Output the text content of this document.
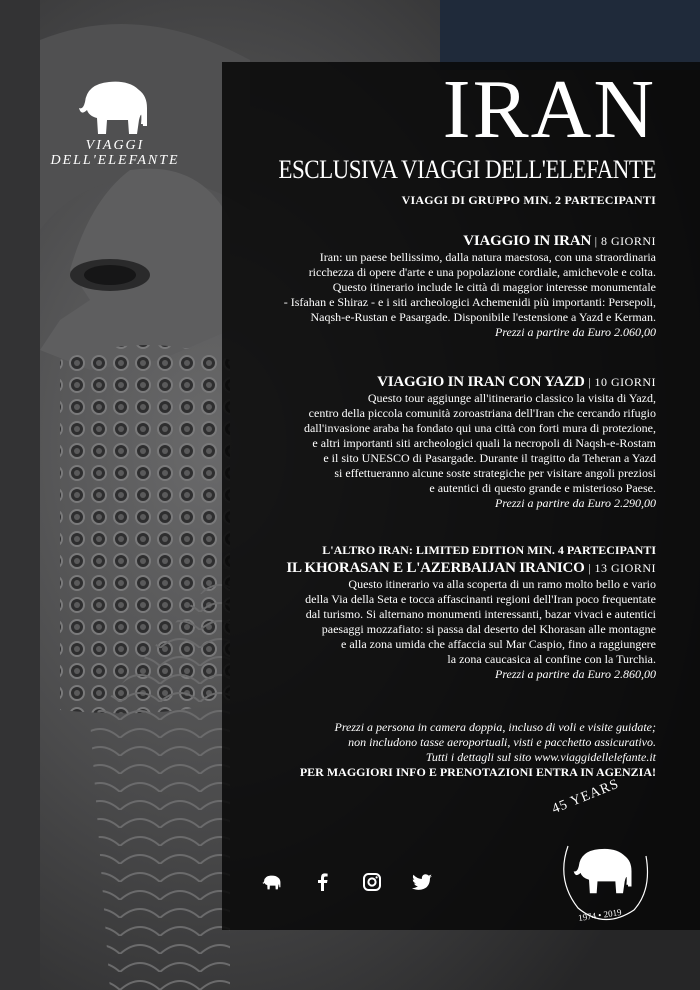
VIAGGI
DELL'ELEFANTE
IRAN
ESCLUSIVA VIAGGI DELL'ELEFANTE
VIAGGI DI GRUPPO MIN. 2 PARTECIPANTI
VIAGGIO IN IRAN | 8 GIORNI

Iran: un paese bellissimo, dalla natura maestosa, con una straordinaria

ricchezza di opere d'arte e una popolazione cordiale, amichevole e colta.

Questo itinerario include le città di maggior interesse monumentale

- Isfahan e Shiraz - e i siti archeologici Achemenidi più importanti: Persepoli,

Naqsh-e-Rustan e Pasargade. Disponibile l'estensione a Yazd e Kerman.

Prezzi a partire da Euro 2.060,00

VIAGGIO IN IRAN CON YAZD | 10 GIORNI

Questo tour aggiunge all'itinerario classico la visita di Yazd,

centro della piccola comunità zoroastriana dell'Iran che cercando rifugio

dall'invasione araba ha fondato qui una città con forti mura di protezione,

e altri importanti siti archeologici quali la necropoli di Naqsh-e-Rostam

e il sito UNESCO di Pasargade. Durante il tragitto da Teheran a Yazd

si effettueranno alcune soste strategiche per visitare angoli preziosi

e autentici di questo grande e misterioso Paese.

Prezzi a partire da Euro 2.290,00

L'ALTRO IRAN: LIMITED EDITION MIN. 4 PARTECIPANTI
IL KHORASAN E L'AZERBAIJAN IRANICO | 13 GIORNI

Questo itinerario va alla scoperta di un ramo molto bello e vario

della Via della Seta e tocca affascinanti regioni dell'Iran poco frequentate

dal turismo. Si alternano monumenti interessanti, bazar vivaci e autentici

paesaggi mozzafiato: si passa dal deserto del Khorasan alle montagne

e alla zona umida che affaccia sul Mar Caspio, fino a raggiungere

la zona caucasica al confine con la Turchia.

Prezzi a partire da Euro 2.860,00

Prezzi a persona in camera doppia, incluso di voli e visite guidate;
non includono tasse aeroportuali, visti e pacchetto assicurativo.
Tutti i dettagli sul sito www.viaggidellelefante.it
PER MAGGIORI INFO E PRENOTAZIONI ENTRA IN AGENZIA!
45 YEARS
1974 • 2019
